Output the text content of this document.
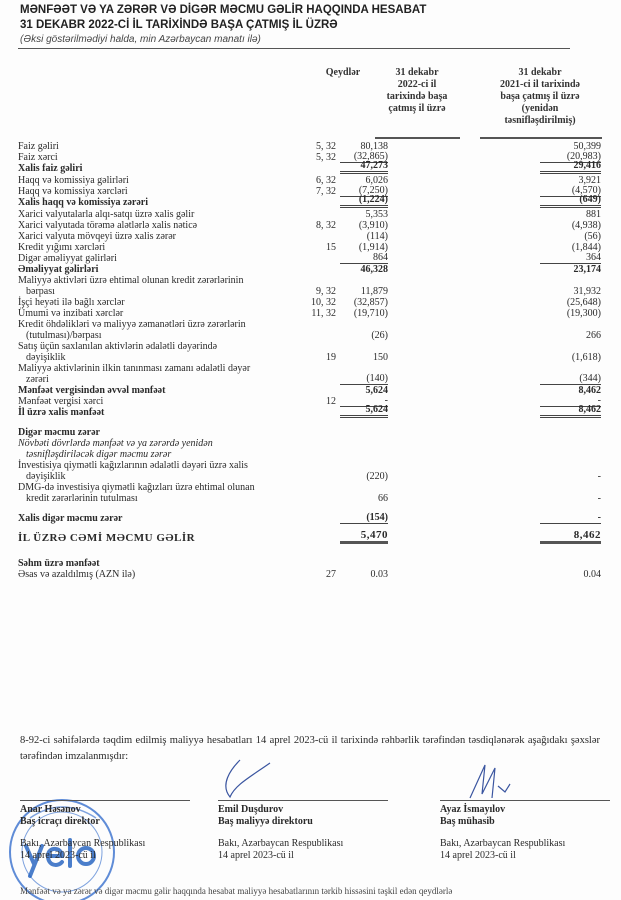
MƏNFƏƏT VƏ YA ZƏRƏR VƏ DİGƏR MƏCMU GƏLİR HAQQINDA HESABAT
31 DEKABR 2022-Cİ İL TARİXİNDƏ BAŞA ÇATMIŞ İL ÜZRƏ
(Əksi göstərilmədiyi halda, min Azərbaycan manatı ilə)
Qeydlər	31 dekabr
2022-ci il
tarixində başa
çatmış il üzrə
31 dekabr
2021-ci il tarixində
başa çatmış il üzrə
(yenidən
təsnifləşdirilmiş)
Faiz gəliri	5, 32	80,138	50,399
Faiz xərci	5, 32	(32,865)	(20,983)
Xalis faiz gəliri	47,273	29,416
Haqq və komissiya gəlirləri	6, 32	6,026	3,921
Haqq və komissiya xərcləri	7, 32	(7,250)	(4,570)
Xalis haqq və komissiya zərəri	(1,224)	(649)
Xarici valyutalarla alqı-satqı üzrə xalis gəlir	5,353	881
Xarici valyutada törəmə alətlərlə xalis nəticə	8, 32	(3,910)	(4,938)
Xarici valyuta mövqeyi üzrə xalis zərər	(114)	(56)
Kredit yığımı xərcləri	15	(1,914)	(1,844)
Digər əməliyyat gəlirləri	864	364
Əməliyyat gəlirləri	46,328	23,174
Maliyyə aktivləri üzrə ehtimal olunan kredit zərərlərinin
bərpası	9, 32	11,879	31,932
İşçi heyəti ilə bağlı xərclər	10, 32	(32,857)	(25,648)
Ümumi və inzibati xərclər	11, 32	(19,710)	(19,300)
Kredit öhdəlikləri və maliyyə zəmanətləri üzrə zərərlərin
(tutulması)/bərpası	(26)	266
Satış üçün saxlanılan aktivlərin ədalətli dəyərində
dəyişiklik	19	150	(1,618)
Maliyyə aktivlərinin ilkin tanınması zamanı ədalətli dəyər
zərəri	(140)	(344)
Mənfəət vergisindən əvvəl mənfəət	5,624	8,462
Mənfəət vergisi xərci	12	-	-
İl üzrə xalis mənfəət	5,624	8,462
Digər məcmu zərər
Növbəti dövrlərdə mənfəət və ya zərərdə yenidən
təsnifləşdiriləcək digər məcmu zərər
İnvestisiya qiymətli kağızlarının ədalətli dəyəri üzrə xalis
dəyişiklik	(220)	-
DMG-də investisiya qiymətli kağızları üzrə ehtimal olunan
kredit zərərlərinin tutulması	66	-
Xalis digər məcmu zərər	(154)	-
İL ÜZRƏ CƏMİ MƏCMU GƏLİR	5,470	8,462
Səhm üzrə mənfəət
Əsas və azaldılmış (AZN ilə)	27	0.03	0.04
8-92-ci səhifələrdə təqdim edilmiş maliyyə hesabatları 14 aprel 2023-cü il tarixində rəhbərlik tərəfindən təsdiqlənərək aşağıdakı şəxslər tərəfindən imzalanmışdır:
Anar Həsənov
Baş icraçı direktor
Bakı, Azərbaycan Respublikası
14 aprel 2023-cü il
Emil Duşdurov
Baş maliyyə direktoru
Bakı, Azərbaycan Respublikası
14 aprel 2023-cü il
Ayaz İsmayılov
Baş mühasib
Bakı, Azərbaycan Respublikası
14 aprel 2023-cü il
Mənfəət və ya zərər və digər məcmu gəlir haqqında hesabat maliyyə hesabatlarının tərkib hissəsini təşkil edən qeydlərlə
